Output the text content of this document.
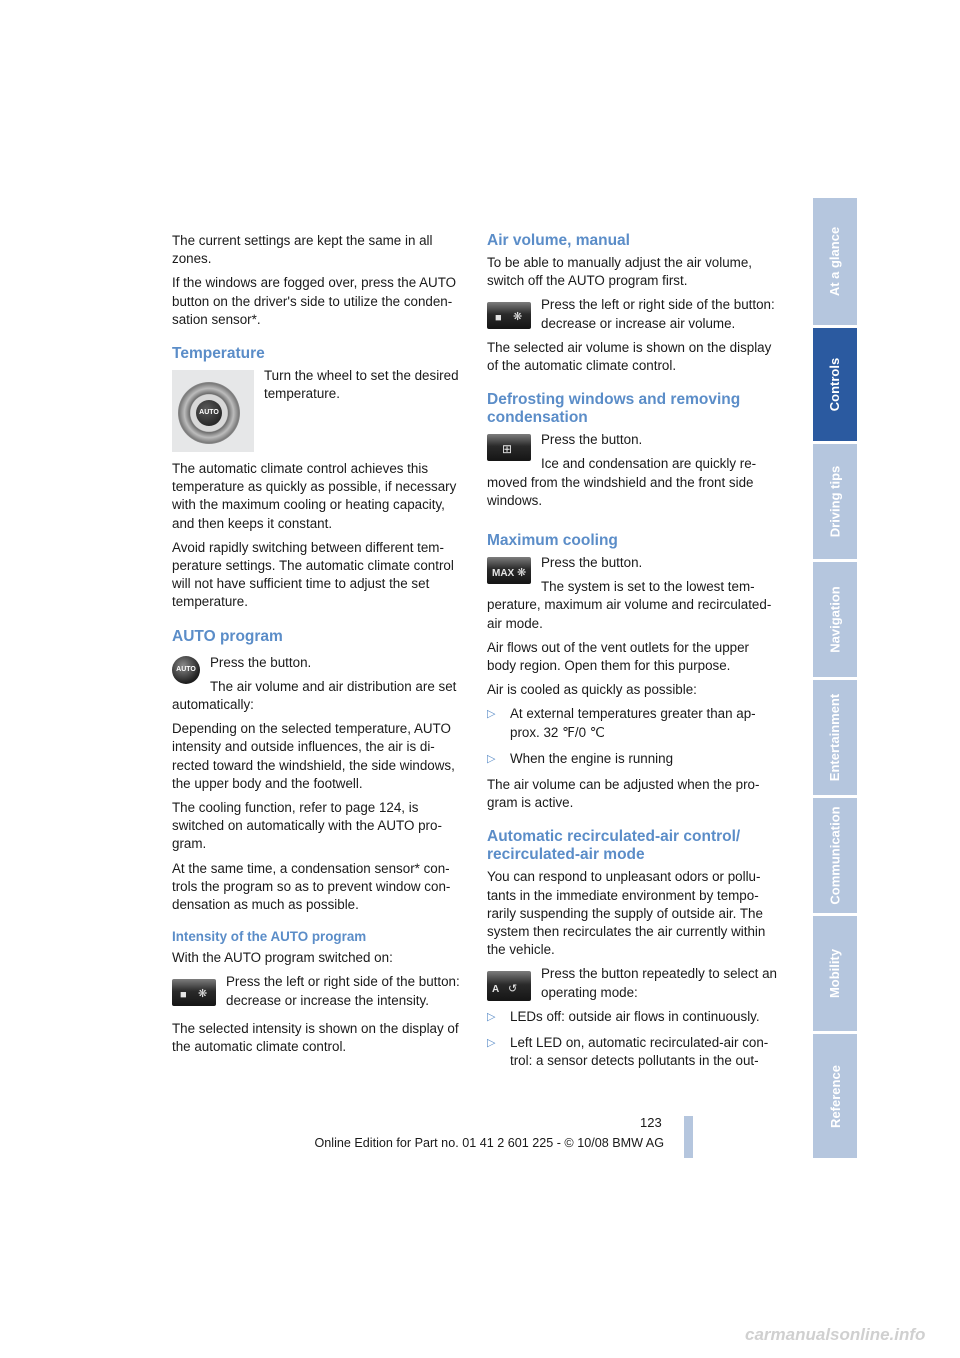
The current settings are kept the same in all zones.

If the windows are fogged over, press the AUTO button on the driver's side to utilize the conden-sation sensor*.

Temperature
AUTO

Turn the wheel to set the desired temperature.

The automatic climate control achieves this temperature as quickly as possible, if necessary with the maximum cooling or heating capacity, and then keeps it constant.

Avoid rapidly switching between different tem-perature settings. The automatic climate control will not have sufficient time to adjust the set temperature.

AUTO program
AUTO	Press the button.

The air volume and air distribution are set automatically:

Depending on the selected temperature, AUTO intensity and outside influences, the air is di-rected toward the windshield, the side windows, the upper body and the footwell.

The cooling function, refer to page 124, is switched on automatically with the AUTO pro-gram.

At the same time, a condensation sensor* con-trols the program so as to prevent window con-densation as much as possible.

Intensity of the AUTO program

With the AUTO program switched on:

■ ❋

Press the left or right side of the button: decrease or increase the intensity.

The selected intensity is shown on the display of the automatic climate control.

Air volume, manual

To be able to manually adjust the air volume, switch off the AUTO program first.

■ ❋

Press the left or right side of the button: decrease or increase air volume.

The selected air volume is shown on the display of the automatic climate control.

Defrosting windows and removing condensation
⊞

Press the button.

Ice and condensation are quickly re-moved from the windshield and the front side windows.

Maximum cooling
MAX ❋

Press the button.

The system is set to the lowest tem-perature, maximum air volume and recirculated-air mode.

Air flows out of the vent outlets for the upper body region. Open them for this purpose.

Air is cooled as quickly as possible:

▷	At external temperatures greater than ap-prox. 32 ℉/0 ℃
▷	When the engine is running

The air volume can be adjusted when the pro-gram is active.

Automatic recirculated-air control/ recirculated-air mode

You can respond to unpleasant odors or pollu-tants in the immediate environment by tempo-rarily suspending the supply of outside air. The system then recirculates the air currently within the vehicle.

A ↺

Press the button repeatedly to select an operating mode:

▷	LEDs off: outside air flows in continuously.
▷	Left LED on, automatic recirculated-air con-trol: a sensor detects pollutants in the out-
At a glance
Controls
Driving tips
Navigation
Entertainment
Communication
Mobility
Reference
123
Online Edition for Part no. 01 41 2 601 225 - © 10/08 BMW AG
carmanualsonline.info
